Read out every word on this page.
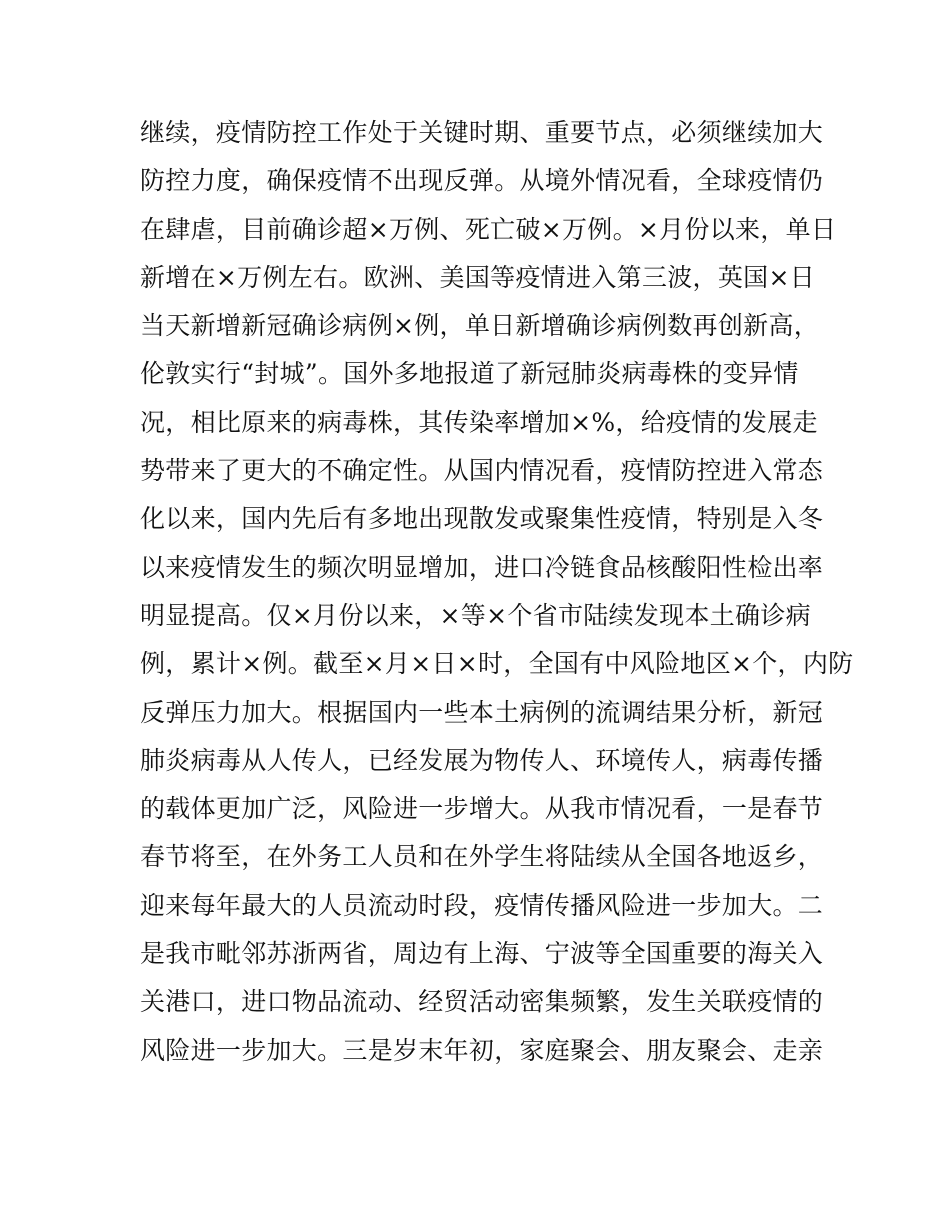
继续，疫情防控工作处于关键时期、重要节点，必须继续加大
防控力度，确保疫情不出现反弹。从境外情况看，全球疫情仍
在肆虐，目前确诊超×万例、死亡破×万例。×月份以来，单日
新增在×万例左右。欧洲、美国等疫情进入第三波，英国×日
当天新增新冠确诊病例×例，单日新增确诊病例数再创新高，
伦敦实行“封城”。国外多地报道了新冠肺炎病毒株的变异情
况，相比原来的病毒株，其传染率增加×%，给疫情的发展走
势带来了更大的不确定性。从国内情况看，疫情防控进入常态
化以来，国内先后有多地出现散发或聚集性疫情，特别是入冬
以来疫情发生的频次明显增加，进口冷链食品核酸阳性检出率
明显提高。仅×月份以来，×等×个省市陆续发现本土确诊病
例，累计×例。截至×月×日×时，全国有中风险地区×个，内防
反弹压力加大。根据国内一些本土病例的流调结果分析，新冠
肺炎病毒从人传人，已经发展为物传人、环境传人，病毒传播
的载体更加广泛，风险进一步增大。从我市情况看，一是春节
春节将至，在外务工人员和在外学生将陆续从全国各地返乡，
迎来每年最大的人员流动时段，疫情传播风险进一步加大。二
是我市毗邻苏浙两省，周边有上海、宁波等全国重要的海关入
关港口，进口物品流动、经贸活动密集频繁，发生关联疫情的
风险进一步加大。三是岁末年初，家庭聚会、朋友聚会、走亲
